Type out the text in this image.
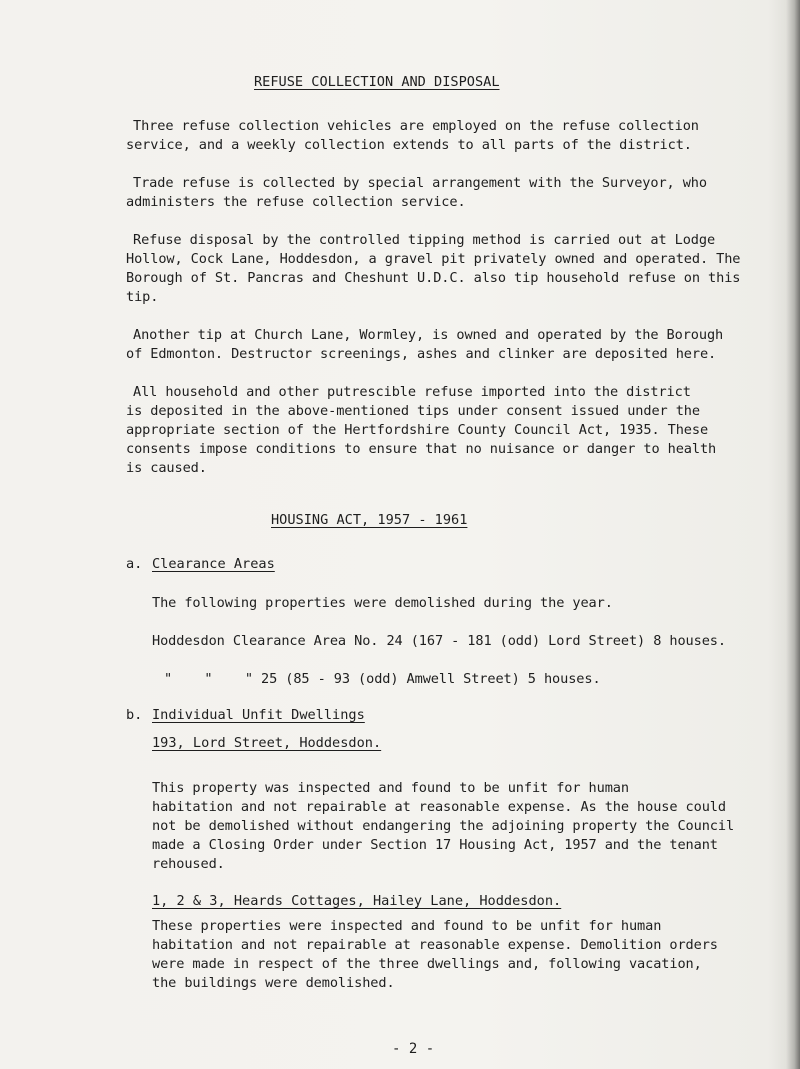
REFUSE COLLECTION AND DISPOSAL
Three refuse collection vehicles are employed on the refuse collection
service, and a weekly collection extends to all parts of the district.
Trade refuse is collected by special arrangement with the Surveyor, who
administers the refuse collection service.
Refuse disposal by the controlled tipping method is carried out at Lodge
Hollow, Cock Lane, Hoddesdon, a gravel pit privately owned and operated. The
Borough of St. Pancras and Cheshunt U.D.C. also tip household refuse on this
tip.
Another tip at Church Lane, Wormley, is owned and operated by the Borough
of Edmonton. Destructor screenings, ashes and clinker are deposited here.
All household and other putrescible refuse imported into the district
is deposited in the above-mentioned tips under consent issued under the
appropriate section of the Hertfordshire County Council Act, 1935. These
consents impose conditions to ensure that no nuisance or danger to health
is caused.
HOUSING ACT, 1957 - 1961
a. Clearance Areas
The following properties were demolished during the year.
Hoddesdon Clearance Area No. 24 (167 - 181 (odd) Lord Street) 8 houses.
"    "    " 25 (85 - 93 (odd) Amwell Street) 5 houses.
b. Individual Unfit Dwellings
193, Lord Street, Hoddesdon.
This property was inspected and found to be unfit for human
habitation and not repairable at reasonable expense. As the house could
not be demolished without endangering the adjoining property the Council
made a Closing Order under Section 17 Housing Act, 1957 and the tenant
rehoused.
1, 2 & 3, Heards Cottages, Hailey Lane, Hoddesdon.
These properties were inspected and found to be unfit for human
habitation and not repairable at reasonable expense. Demolition orders
were made in respect of the three dwellings and, following vacation,
the buildings were demolished.
- 2 -
